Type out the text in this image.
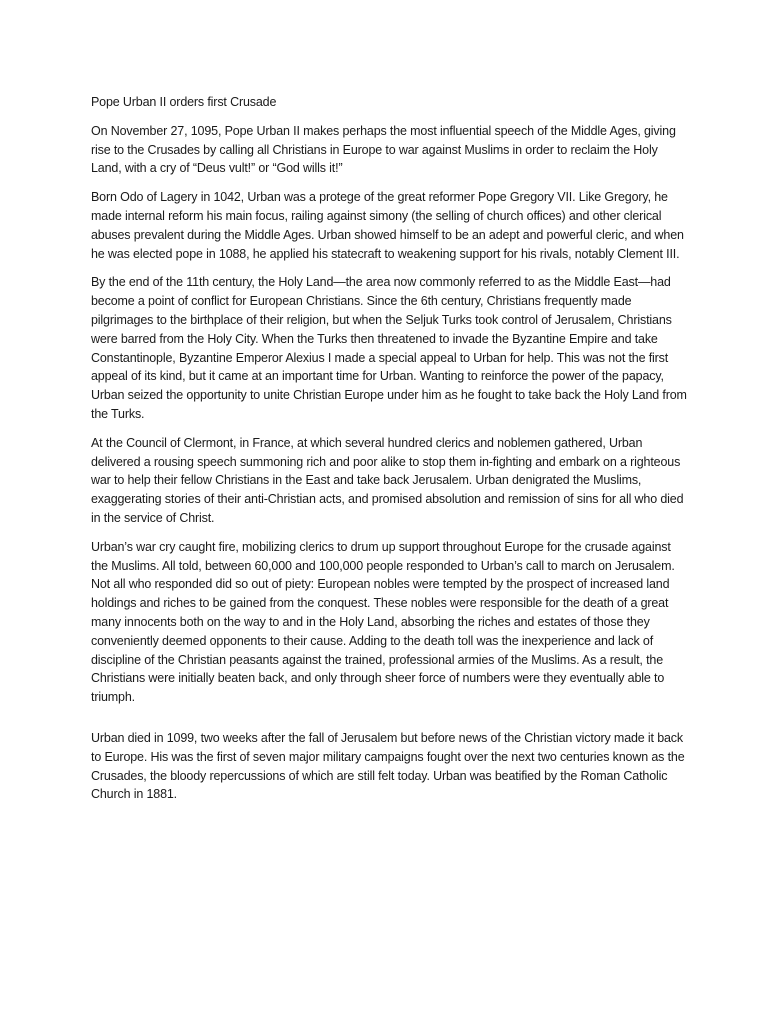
Pope Urban II orders first Crusade

On November 27, 1095, Pope Urban II makes perhaps the most influential speech of the Middle Ages, giving rise to the Crusades by calling all Christians in Europe to war against Muslims in order to reclaim the Holy Land, with a cry of “Deus vult!” or “God wills it!”

Born Odo of Lagery in 1042, Urban was a protege of the great reformer Pope Gregory VII. Like Gregory, he made internal reform his main focus, railing against simony (the selling of church offices) and other clerical abuses prevalent during the Middle Ages. Urban showed himself to be an adept and powerful cleric, and when he was elected pope in 1088, he applied his statecraft to weakening support for his rivals, notably Clement III.

By the end of the 11th century, the Holy Land—the area now commonly referred to as the Middle East—had become a point of conflict for European Christians. Since the 6th century, Christians frequently made pilgrimages to the birthplace of their religion, but when the Seljuk Turks took control of Jerusalem, Christians were barred from the Holy City. When the Turks then threatened to invade the Byzantine Empire and take Constantinople, Byzantine Emperor Alexius I made a special appeal to Urban for help. This was not the first appeal of its kind, but it came at an important time for Urban. Wanting to reinforce the power of the papacy, Urban seized the opportunity to unite Christian Europe under him as he fought to take back the Holy Land from the Turks.

At the Council of Clermont, in France, at which several hundred clerics and noblemen gathered, Urban delivered a rousing speech summoning rich and poor alike to stop them in-fighting and embark on a righteous war to help their fellow Christians in the East and take back Jerusalem. Urban denigrated the Muslims, exaggerating stories of their anti-Christian acts, and promised absolution and remission of sins for all who died in the service of Christ.

Urban’s war cry caught fire, mobilizing clerics to drum up support throughout Europe for the crusade against the Muslims. All told, between 60,000 and 100,000 people responded to Urban’s call to march on Jerusalem. Not all who responded did so out of piety: European nobles were tempted by the prospect of increased land holdings and riches to be gained from the conquest. These nobles were responsible for the death of a great many innocents both on the way to and in the Holy Land, absorbing the riches and estates of those they conveniently deemed opponents to their cause. Adding to the death toll was the inexperience and lack of discipline of the Christian peasants against the trained, professional armies of the Muslims. As a result, the Christians were initially beaten back, and only through sheer force of numbers were they eventually able to triumph.

Urban died in 1099, two weeks after the fall of Jerusalem but before news of the Christian victory made it back to Europe. His was the first of seven major military campaigns fought over the next two centuries known as the Crusades, the bloody repercussions of which are still felt today. Urban was beatified by the Roman Catholic Church in 1881.
